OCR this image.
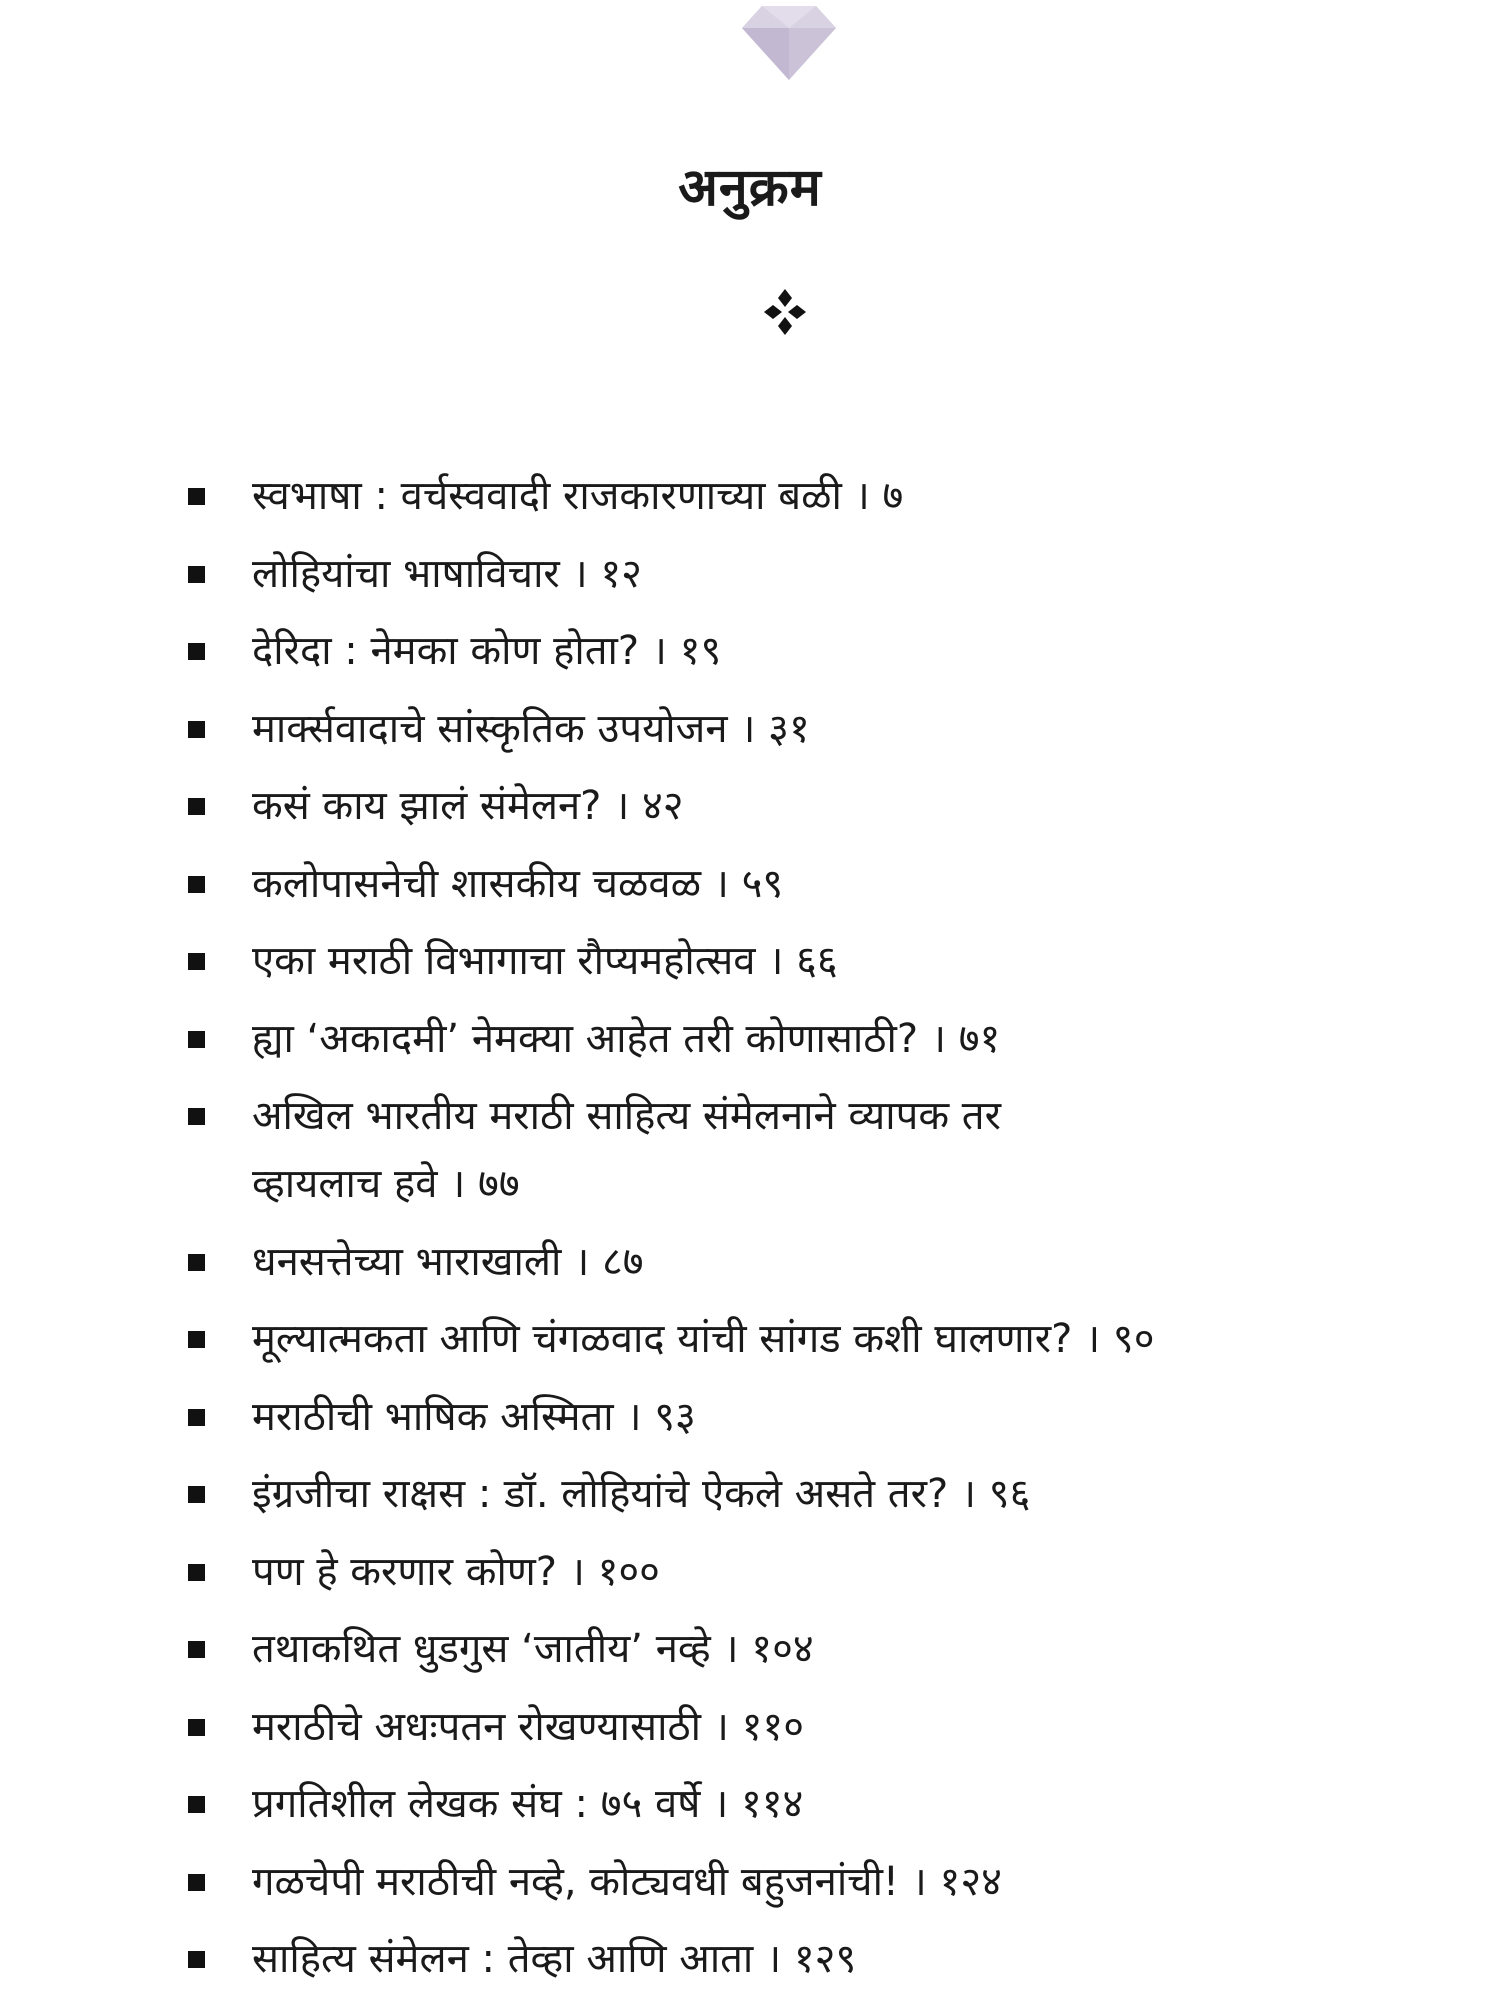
अनुक्रम
स्वभाषा : वर्चस्ववादी राजकारणाच्या बळी । ७
लोहियांचा भाषाविचार । १२
देरिदा : नेमका कोण होता? । १९
मार्क्सवादाचे सांस्कृतिक उपयोजन । ३१
कसं काय झालं संमेलन? । ४२
कलोपासनेची शासकीय चळवळ । ५९
एका मराठी विभागाचा रौप्यमहोत्सव । ६६
ह्या ‘अकादमी’ नेमक्या आहेत तरी कोणासाठी? । ७१
अखिल भारतीय मराठी साहित्य संमेलनाने व्यापक तर
व्हायलाच हवे । ७७
धनसत्तेच्या भाराखाली । ८७
मूल्यात्मकता आणि चंगळवाद यांची सांगड कशी घालणार? । ९०
मराठीची भाषिक अस्मिता । ९३
इंग्रजीचा राक्षस : डॉ. लोहियांचे ऐकले असते तर? । ९६
पण हे करणार कोण? । १००
तथाकथित धुडगुस ‘जातीय’ नव्हे । १०४
मराठीचे अधःपतन रोखण्यासाठी । ११०
प्रगतिशील लेखक संघ : ७५ वर्षे । ११४
गळचेपी मराठीची नव्हे, कोट्यवधी बहुजनांची! । १२४
साहित्य संमेलन : तेव्हा आणि आता । १२९
